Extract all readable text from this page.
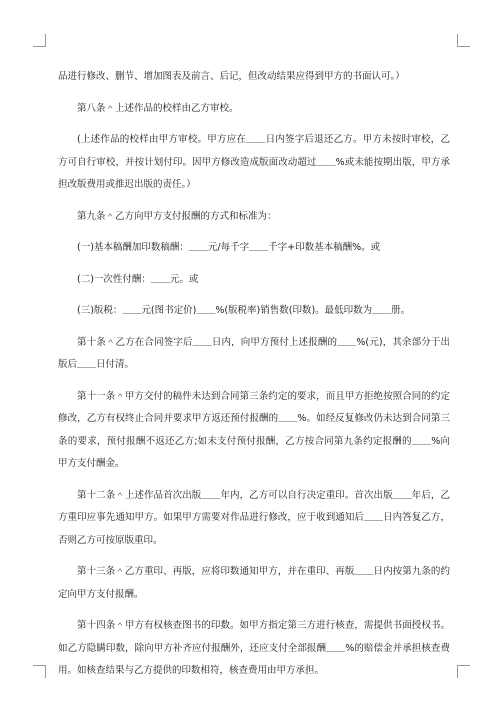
品进行修改、删节、增加图表及前言、后记，但改动结果应得到甲方的书面认可。）

第八条＾上述作品的校样由乙方审校。

(上述作品的校样由甲方审校。甲方应在＿＿日内签字后退还乙方。甲方未按时审校，乙方可自行审校，并按计划付印。因甲方修改造成版面改动超过＿＿%或未能按期出版，甲方承担改版费用或推迟出版的责任。）

第九条＾乙方向甲方支付报酬的方式和标准为：

(一)基本稿酬加印数稿酬：＿＿元/每千字＿＿千字+印数基本稿酬%。或

(二)一次性付酬：＿＿元。或

(三)版税：＿＿元(图书定价)＿＿%(版税率)销售数(印数)。最低印数为＿＿册。

第十条＾乙方在合同签字后＿＿日内，向甲方预付上述报酬的＿＿%(元)，其余部分于出版后＿＿日付清。

第十一条＾甲方交付的稿件未达到合同第三条约定的要求，而且甲方拒绝按照合同的约定修改，乙方有权终止合同并要求甲方返还预付报酬的＿＿%。如经反复修改仍未达到合同第三条的要求，预付报酬不返还乙方;如未支付预付报酬，乙方按合同第九条约定报酬的＿＿%向甲方支付酬金。

第十二条＾上述作品首次出版＿＿年内，乙方可以自行决定重印。首次出版＿＿年后，乙方重印应事先通知甲方。如果甲方需要对作品进行修改，应于收到通知后＿＿日内答复乙方，否则乙方可按原版重印。

第十三条＾乙方重印、再版，应将印数通知甲方，并在重印、再版＿＿日内按第九条的约定向甲方支付报酬。

第十四条＾甲方有权核查图书的印数。如甲方指定第三方进行核查，需提供书面授权书。如乙方隐瞒印数，除向甲方补齐应付报酬外，还应支付全部报酬＿＿%的赔偿金并承担核查费用。如核查结果与乙方提供的印数相符，核查费用由甲方承担。
